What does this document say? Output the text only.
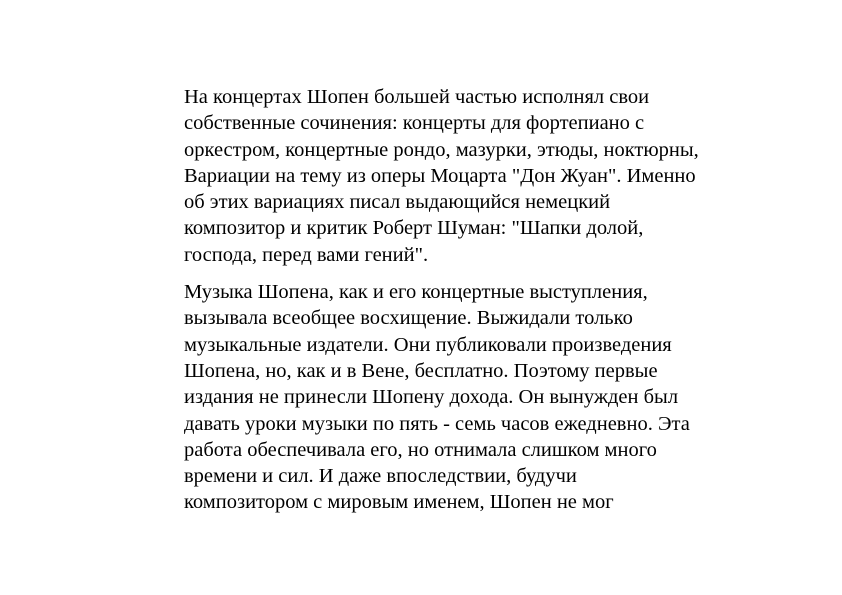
На концертах Шопен большей частью исполнял свои
собственные сочинения: концерты для фортепиано с
оркестром, концертные рондо, мазурки, этюды, ноктюрны,
Вариации на тему из оперы Моцарта "Дон Жуан". Именно
об этих вариациях писал выдающийся немецкий
композитор и критик Роберт Шуман: "Шапки долой,
господа, перед вами гений".

Музыка Шопена, как и его концертные выступления,
вызывала всеобщее восхищение. Выжидали только
музыкальные издатели. Они публиковали произведения
Шопена, но, как и в Вене, бесплатно. Поэтому первые
издания не принесли Шопену дохода. Он вынужден был
давать уроки музыки по пять - семь часов ежедневно. Эта
работа обеспечивала его, но отнимала слишком много
времени и сил. И даже впоследствии, будучи
композитором с мировым именем, Шопен не мог
